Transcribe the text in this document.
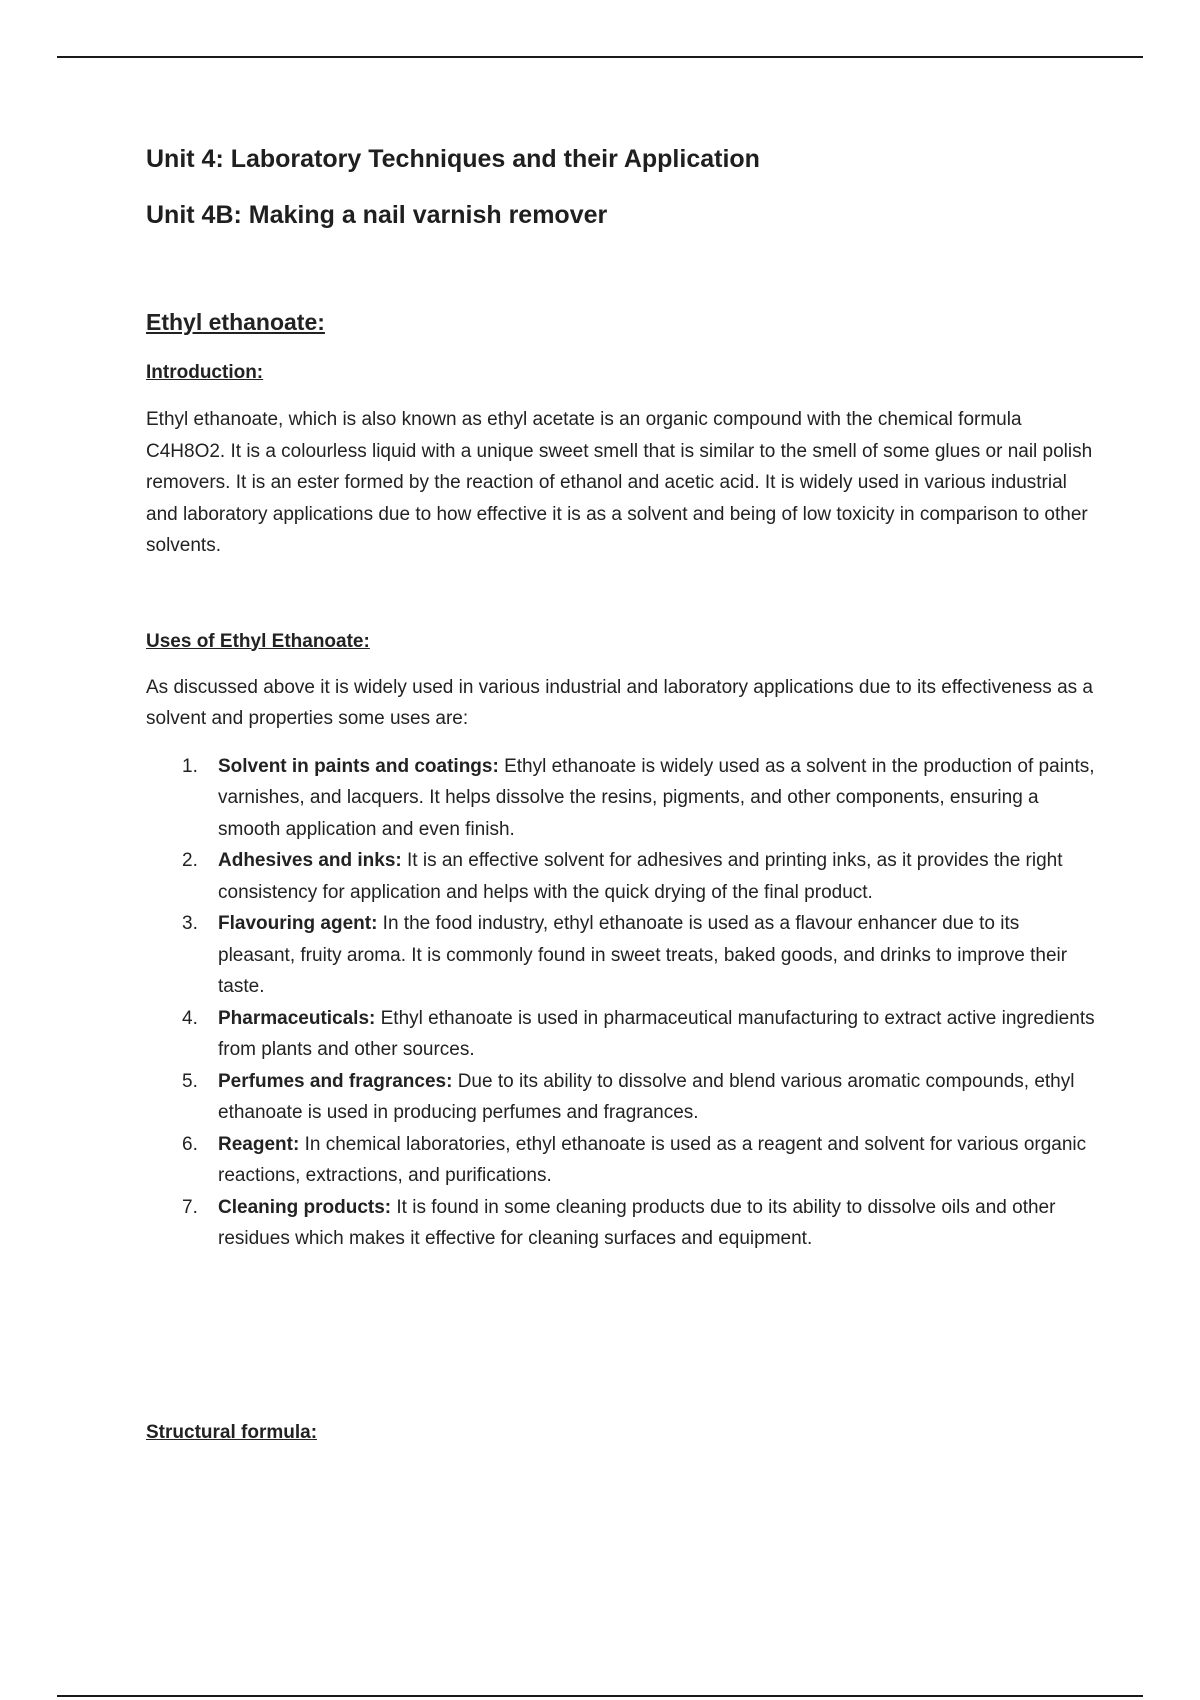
Unit 4: Laboratory Techniques and their Application
Unit 4B: Making a nail varnish remover
Ethyl ethanoate:
Introduction:

Ethyl ethanoate, which is also known as ethyl acetate is an organic compound with the chemical formula C4H8O2. It is a colourless liquid with a unique sweet smell that is similar to the smell of some glues or nail polish removers. It is an ester formed by the reaction of ethanol and acetic acid. It is widely used in various industrial and laboratory applications due to how effective it is as a solvent and being of low toxicity in comparison to other solvents.

Uses of Ethyl Ethanoate:

As discussed above it is widely used in various industrial and laboratory applications due to its effectiveness as a solvent and properties some uses are:

1. Solvent in paints and coatings: Ethyl ethanoate is widely used as a solvent in the production of paints, varnishes, and lacquers. It helps dissolve the resins, pigments, and other components, ensuring a smooth application and even finish.
2. Adhesives and inks: It is an effective solvent for adhesives and printing inks, as it provides the right consistency for application and helps with the quick drying of the final product.
3. Flavouring agent: In the food industry, ethyl ethanoate is used as a flavour enhancer due to its pleasant, fruity aroma. It is commonly found in sweet treats, baked goods, and drinks to improve their taste.
4. Pharmaceuticals: Ethyl ethanoate is used in pharmaceutical manufacturing to extract active ingredients from plants and other sources.
5. Perfumes and fragrances: Due to its ability to dissolve and blend various aromatic compounds, ethyl ethanoate is used in producing perfumes and fragrances.
6. Reagent: In chemical laboratories, ethyl ethanoate is used as a reagent and solvent for various organic reactions, extractions, and purifications.
7. Cleaning products: It is found in some cleaning products due to its ability to dissolve oils and other residues which makes it effective for cleaning surfaces and equipment.
Structural formula:
